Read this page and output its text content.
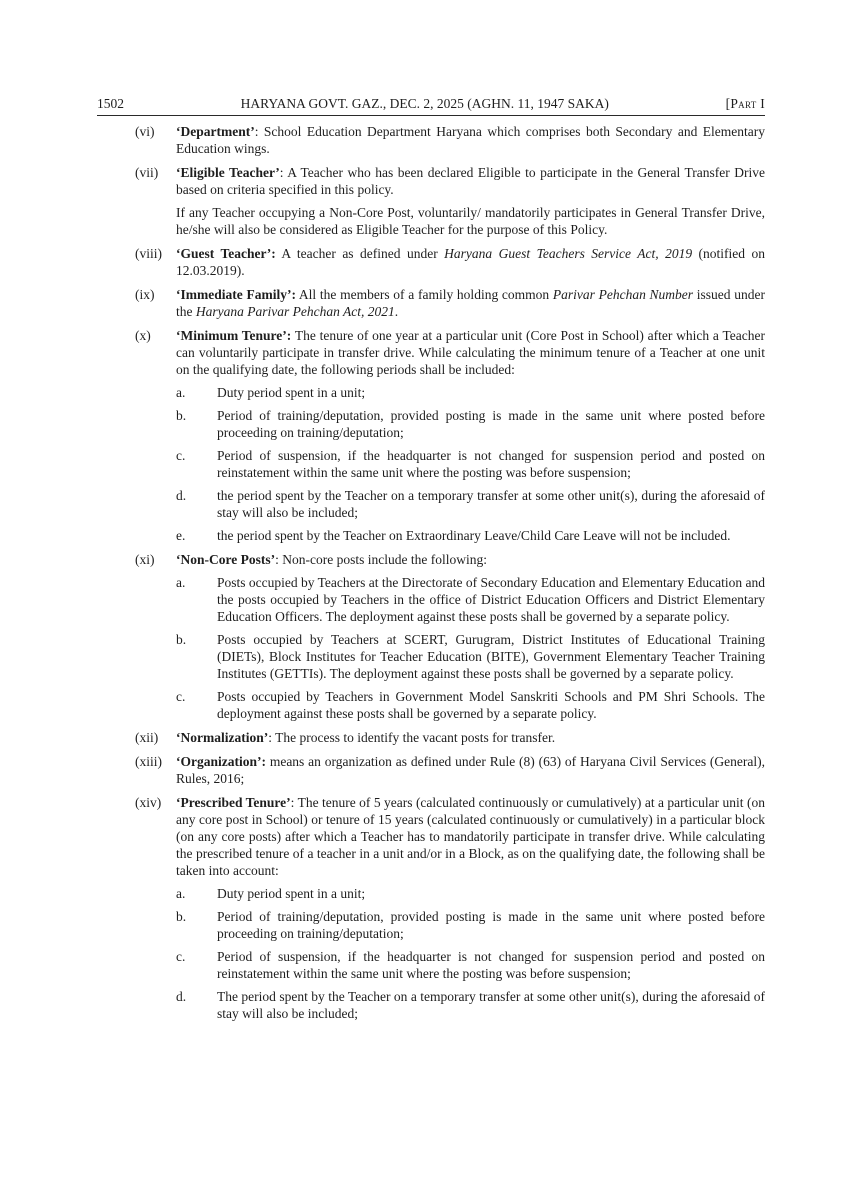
1502	HARYANA GOVT. GAZ., DEC. 2, 2025 (AGHN. 11, 1947 SAKA)	[Part I
(vi)	‘Department’: School Education Department Haryana which comprises both Secondary and Elementary Education wings.
(vii)	‘Eligible Teacher’: A Teacher who has been declared Eligible to participate in the General Transfer Drive based on criteria specified in this policy.
If any Teacher occupying a Non-Core Post, voluntarily/ mandatorily participates in General Transfer Drive, he/she will also be considered as Eligible Teacher for the purpose of this Policy.
(viii)	‘Guest Teacher’: A teacher as defined under Haryana Guest Teachers Service Act, 2019 (notified on 12.03.2019).
(ix)	‘Immediate Family’: All the members of a family holding common Parivar Pehchan Number issued under the Haryana Parivar Pehchan Act, 2021.
(x)	‘Minimum Tenure’: The tenure of one year at a particular unit (Core Post in School) after which a Teacher can voluntarily participate in transfer drive. While calculating the minimum tenure of a Teacher at one unit on the qualifying date, the following periods shall be included:
a.	Duty period spent in a unit;
b.	Period of training/deputation, provided posting is made in the same unit where posted before proceeding on training/deputation;
c.	Period of suspension, if the headquarter is not changed for suspension period and posted on reinstatement within the same unit where the posting was before suspension;
d.	the period spent by the Teacher on a temporary transfer at some other unit(s), during the aforesaid of stay will also be included;
e.	the period spent by the Teacher on Extraordinary Leave/Child Care Leave will not be included.
(xi)	‘Non-Core Posts’: Non-core posts include the following:
a.	Posts occupied by Teachers at the Directorate of Secondary Education and Elementary Education and the posts occupied by Teachers in the office of District Education Officers and District Elementary Education Officers. The deployment against these posts shall be governed by a separate policy.
b.	Posts occupied by Teachers at SCERT, Gurugram, District Institutes of Educational Training (DIETs), Block Institutes for Teacher Education (BITE), Government Elementary Teacher Training Institutes (GETTIs). The deployment against these posts shall be governed by a separate policy.
c.	Posts occupied by Teachers in Government Model Sanskriti Schools and PM Shri Schools. The deployment against these posts shall be governed by a separate policy.
(xii)	‘Normalization’: The process to identify the vacant posts for transfer.
(xiii)	‘Organization’: means an organization as defined under Rule (8) (63) of Haryana Civil Services (General), Rules, 2016;
(xiv)	‘Prescribed Tenure’: The tenure of 5 years (calculated continuously or cumulatively) at a particular unit (on any core post in School) or tenure of 15 years (calculated continuously or cumulatively) in a particular block (on any core posts) after which a Teacher has to mandatorily participate in transfer drive. While calculating the prescribed tenure of a teacher in a unit and/or in a Block, as on the qualifying date, the following shall be taken into account:
a.	Duty period spent in a unit;
b.	Period of training/deputation, provided posting is made in the same unit where posted before proceeding on training/deputation;
c.	Period of suspension, if the headquarter is not changed for suspension period and posted on reinstatement within the same unit where the posting was before suspension;
d.	The period spent by the Teacher on a temporary transfer at some other unit(s), during the aforesaid of stay will also be included;
